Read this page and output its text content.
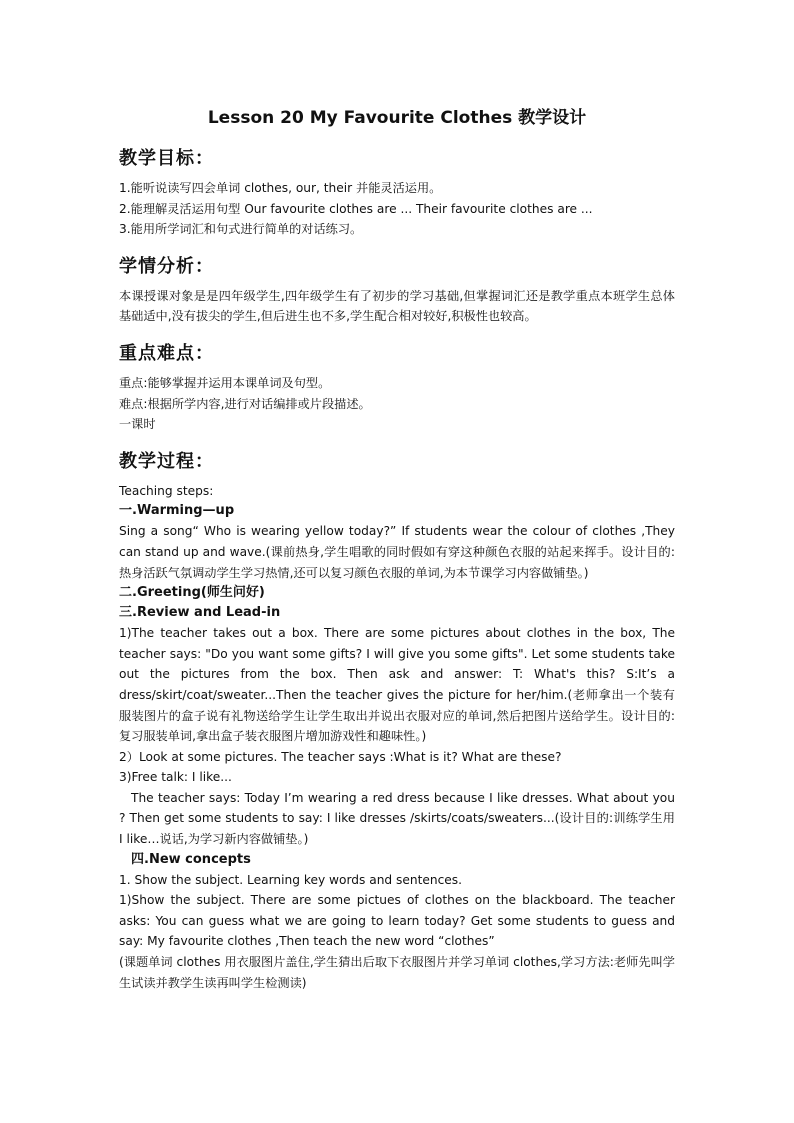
Lesson 20 My Favourite Clothes 教学设计
教学目标：

1.能听说读写四会单词 clothes, our, their 并能灵活运用。

2.能理解灵活运用句型 Our favourite clothes are ... Their favourite clothes are ...

3.能用所学词汇和句式进行简单的对话练习。

学情分析：

本课授课对象是是四年级学生,四年级学生有了初步的学习基础,但掌握词汇还是教学重点本班学生总体基础适中,没有拔尖的学生,但后进生也不多,学生配合相对较好,积极性也较高。

重点难点：

重点:能够掌握并运用本课单词及句型。

难点:根据所学内容,进行对话编排或片段描述。

一课时

教学过程：

Teaching steps:

一.Warming—up

Sing a song“ Who is wearing yellow today?” If students wear the colour of clothes ,They can stand up and wave.(课前热身,学生唱歌的同时假如有穿这种颜色衣服的站起来挥手。设计目的:热身活跃气氛调动学生学习热情,还可以复习颜色衣服的单词,为本节课学习内容做铺垫。)

二.Greeting(师生问好)
三.Review and Lead-in

1)The teacher takes out a box. There are some pictures about clothes in the box, The teacher says: "Do you want some gifts? I will give you some gifts". Let some students take out the pictures from the box. Then ask and answer: T: What's this? S:It’s a dress/skirt/coat/sweater...Then the teacher gives the picture for her/him.(老师拿出一个装有服装图片的盒子说有礼物送给学生让学生取出并说出衣服对应的单词,然后把图片送给学生。设计目的:复习服装单词,拿出盒子装衣服图片增加游戏性和趣味性。)

2）Look at some pictures. The teacher says :What is it? What are these?

3)Free talk: I like...

The teacher says: Today I’m wearing a red dress because I like dresses. What about you ? Then get some students to say: I like dresses /skirts/coats/sweaters...(设计目的:训练学生用 I like…说话,为学习新内容做铺垫。)

四.New concepts

1. Show the subject. Learning key words and sentences.

1)Show the subject. There are some pictues of clothes on the blackboard. The teacher asks: You can guess what we are going to learn today? Get some students to guess and say: My favourite clothes ,Then teach the new word “clothes”

(课题单词 clothes 用衣服图片盖住,学生猜出后取下衣服图片并学习单词 clothes,学习方法:老师先叫学生试读并教学生读再叫学生检测读)
